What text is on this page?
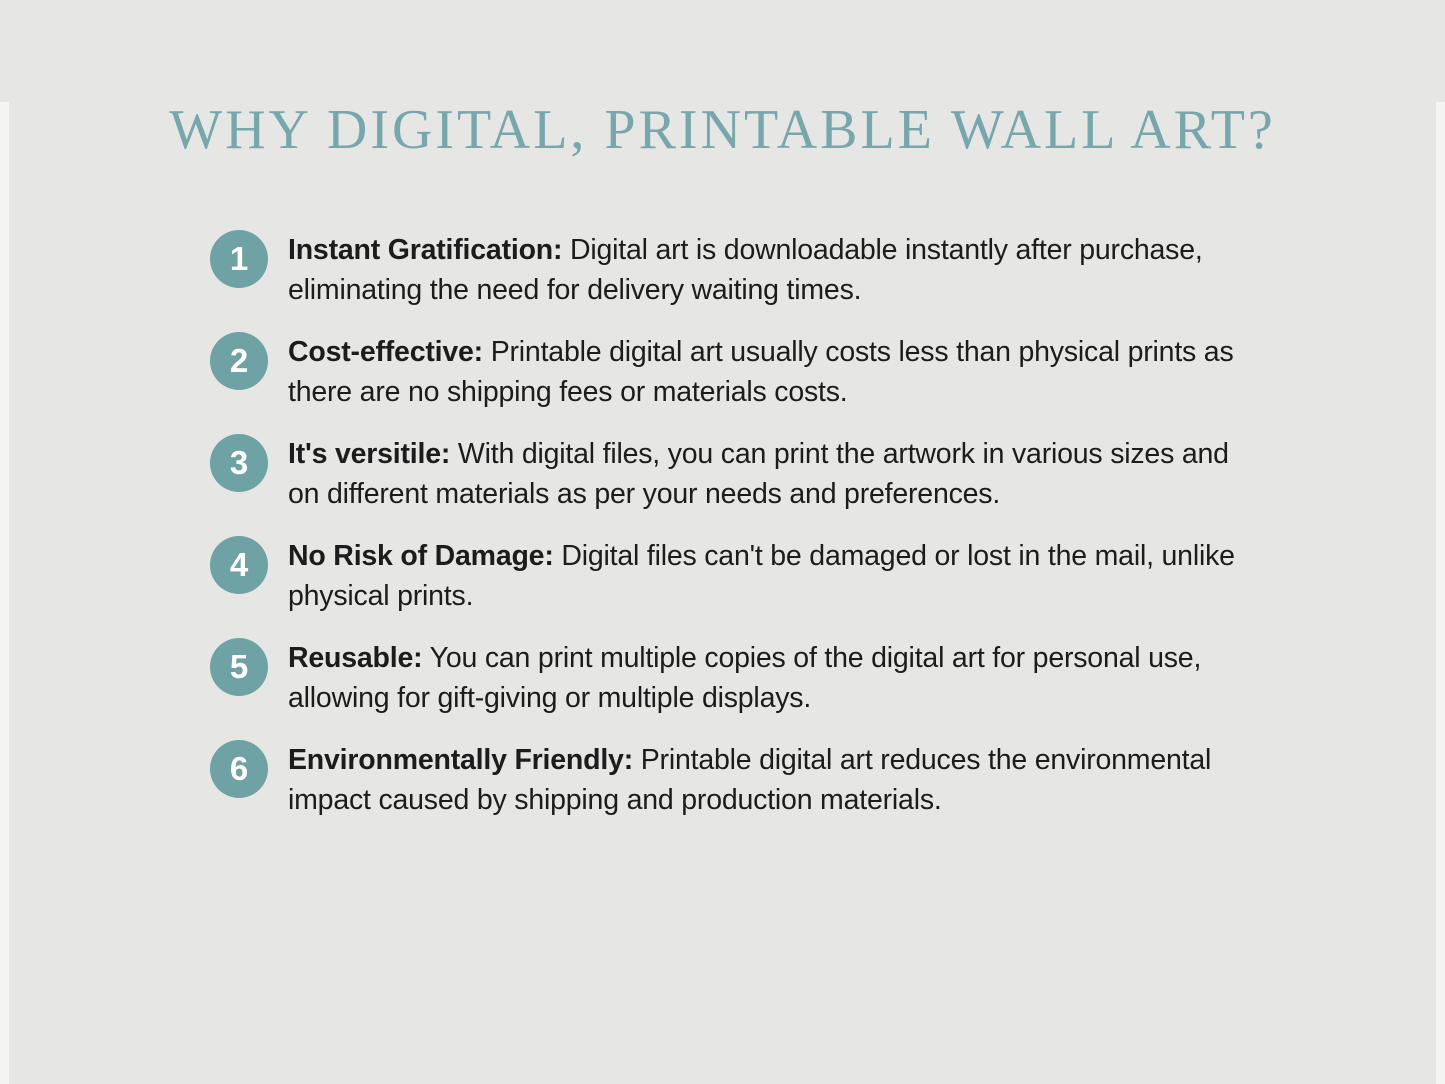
WHY DIGITAL, PRINTABLE WALL ART?
1	Instant Gratification: Digital art is downloadable instantly after purchase, eliminating the need for delivery waiting times.

2	Cost-effective: Printable digital art usually costs less than physical prints as there are no shipping fees or materials costs.

3	It's versitile: With digital files, you can print the artwork in various sizes and on different materials as per your needs and preferences.

4	No Risk of Damage: Digital files can't be damaged or lost in the mail, unlike physical prints.

5	Reusable: You can print multiple copies of the digital art for personal use, allowing for gift-giving or multiple displays.

6	Environmentally Friendly: Printable digital art reduces the environmental impact caused by shipping and production materials.
